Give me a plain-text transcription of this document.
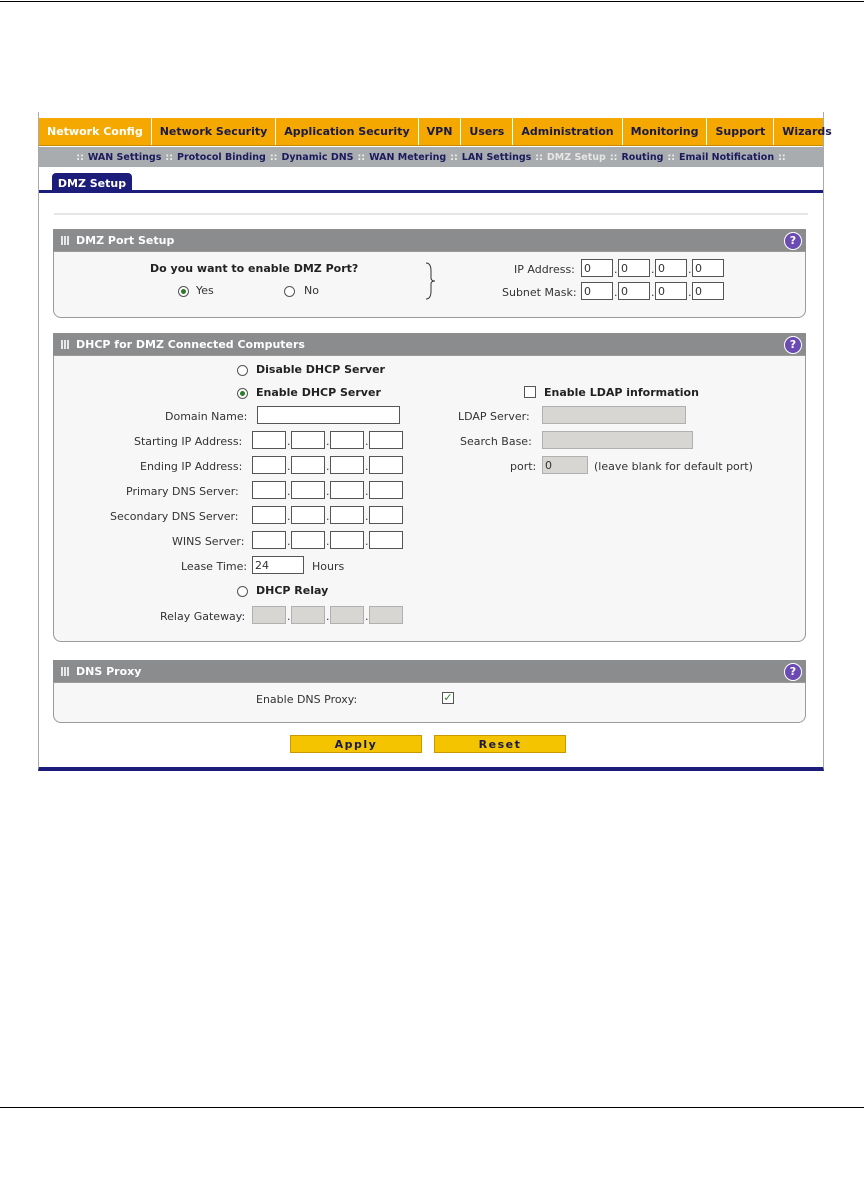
Network Config	Network Security	Application Security	VPN	Users	Administration	Monitoring	Support	Wizards
:: WAN Settings :: Protocol Binding :: Dynamic DNS :: WAN Metering :: LAN Settings :: DMZ Setup :: Routing :: Email Notification ::
DMZ Setup
DMZ Port Setup	?
Do you want to enable DMZ Port?
Yes	No
IP Address:
0	.
0	.
0	.
0
Subnet Mask:
0	.
0	.
0	.
0
DHCP for DMZ Connected Computers	?
Disable DHCP Server
Enable DHCP Server
Domain Name:
Starting IP Address:	.	.	.
Ending IP Address:	.	.	.
Primary DNS Server:	.	.	.
Secondary DNS Server:	.	.	.
WINS Server:	.	.	.
Lease Time:
24	Hours
DHCP Relay
Relay Gateway:	.	.	.
Enable LDAP information
LDAP Server:
Search Base:
port:
0	(leave blank for default port)
DNS Proxy	?
Enable DNS Proxy:	✓
Apply	Reset
